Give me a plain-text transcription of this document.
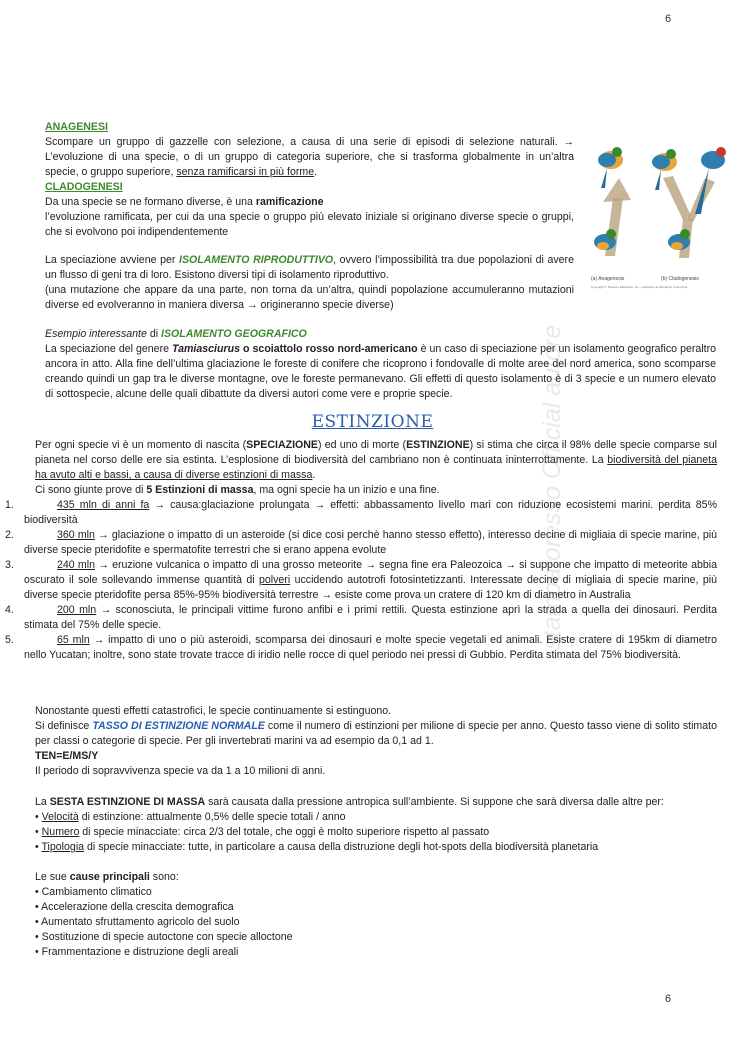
6
stampatoresso Official autore
(a) Anagenesis	(b) Cladogenesis
Copyright © Pearson Education, Inc., publishing as Benjamin Cummings

ANAGENESI

Scompare un gruppo di gazzelle con selezione, a causa di una serie di episodi di selezione naturali. → L’evoluzione di una specie, o di un gruppo di categoria superiore, che si trasforma globalmente in un’altra specie, o gruppo superiore, senza ramificarsi in più forme.

CLADOGENESI

Da una specie se ne formano diverse, è una ramificazione

l’evoluzione ramificata, per cui da una specie o gruppo più elevato iniziale si originano diverse specie o gruppi, che si evolvono poi indipendentemente

La speciazione avviene per ISOLAMENTO RIPRODUTTIVO, ovvero l’impossibilità tra due popolazioni di avere un flusso di geni tra di loro. Esistono diversi tipi di isolamento riproduttivo.

(una mutazione che appare da una parte, non torna da un’altra, quindi popolazione accumuleranno mutazioni diverse ed evolveranno in maniera diversa → origineranno specie diverse)

Esempio interessante di ISOLAMENTO GEOGRAFICO

La speciazione del genere Tamiasciurus o scoiattolo rosso nord-americano è un caso di speciazione per un isolamento geografico peraltro ancora in atto. Alla fine dell’ultima glaciazione le foreste di conifere che ricoprono i fondovalle di molte aree del nord america, sono scomparse creando quindi un gap tra le diverse montagne, ove le foreste permanevano. Gli effetti di questo isolamento è di 3 specie e un numero elevato di sottospecie, alcune delle quali dibattute da diversi autori come vere e proprie specie.

ESTINZIONE

Per ogni specie vi è un momento di nascita (SPECIAZIONE) ed uno di morte (ESTINZIONE) si stima che circa il 98% delle specie comparse sul pianeta nel corso delle ere sia estinta. L’esplosione di biodiversità del cambriano non è continuata ininterrottamente. La biodiversità del pianeta ha avuto alti e bassi, a causa di diverse estinzioni di massa.

Ci sono giunte prove di 5 Estinzioni di massa, ma ogni specie ha un inizio e una fine.

1.	435 mln di anni fa → causa:glaciazione prolungata → effetti: abbassamento livello mari con riduzione ecosistemi marini. perdita 85% biodiversità
2.	360 mln → glaciazione o impatto di un asteroide (si dice cosi perchè hanno stesso effetto), interesso decine di migliaia di specie marine, più diverse specie pteridofite e spermatofite terrestri che si erano appena evolute
3.	240 mln → eruzione vulcanica o impatto di una grosso meteorite → segna fine era Paleozoica → si suppone che impatto di meteorite abbia oscurato il sole sollevando immense quantità di polveri uccidendo autotrofi fotosintetizzanti. Interessate decine di migliaia di specie marine, più diverse specie pteridofite persa 85%-95% biodiversità terrestre → esiste come prova un cratere di 120 km di diametro in Australia
4.	200 mln → sconosciuta, le principali vittime furono anfibi e i primi rettili. Questa estinzione aprì la strada a quella dei dinosauri. Perdita stimata del 75% delle specie.
5.	65 mln → impatto di uno o più asteroidi, scomparsa dei dinosauri e molte specie vegetali ed animali. Esiste cratere di 195km di diametro nello Yucatan; inoltre, sono state trovate tracce di iridio nelle rocce di quel periodo nei pressi di Gubbio. Perdita stimata del 75% biodiversità.

Nonostante questi effetti catastrofici, le specie continuamente si estinguono.

Si definisce TASSO DI ESTINZIONE NORMALE come il numero di estinzioni per milione di specie per anno. Questo tasso viene di solito stimato per classi o categorie di specie. Per gli invertebrati marini va ad esempio da 0,1 ad 1.

TEN=E/MS/Y

Il periodo di sopravvivenza specie va da 1 a 10 milioni di anni.

La SESTA ESTINZIONE DI MASSA sarà causata dalla pressione antropica sull’ambiente. Si suppone che sarà diversa dalle altre per:

• Velocità di estinzione: attualmente 0,5% delle specie totali / anno
• Numero di specie minacciate: circa 2/3 del totale, che oggi è molto superiore rispetto al passato
• Tipologia di specie minacciate: tutte, in particolare a causa della distruzione degli hot-spots della biodiversità planetaria

Le sue cause principali sono:

• Cambiamento climatico
• Accelerazione della crescita demografica
• Aumentato sfruttamento agricolo del suolo
• Sostituzione di specie autoctone con specie alloctone
• Frammentazione e distruzione degli areali
6
